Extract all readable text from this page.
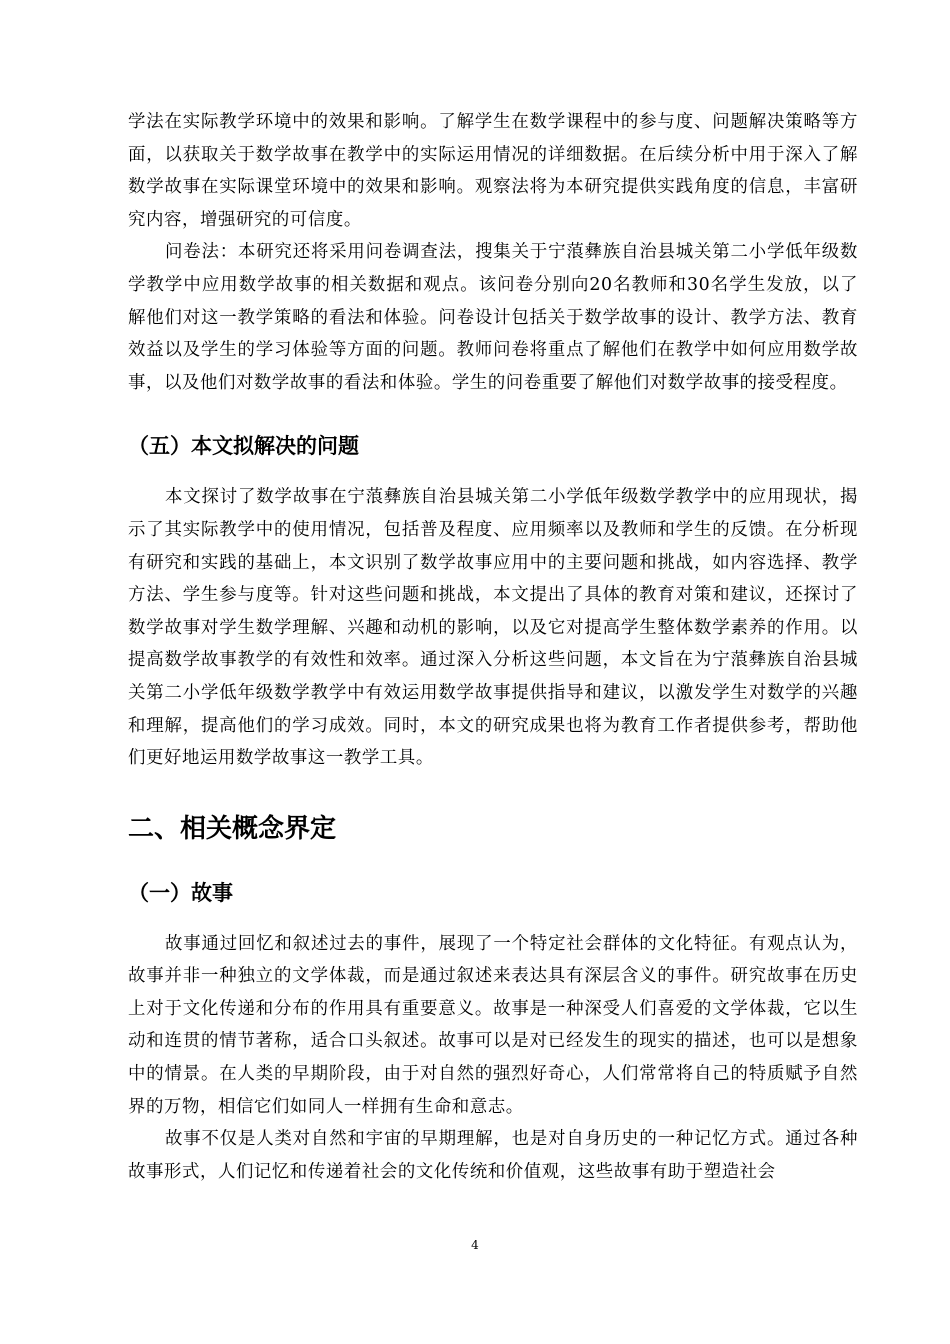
学法在实际教学环境中的效果和影响。了解学生在数学课程中的参与度、问题解决策略等方面，以获取关于数学故事在教学中的实际运用情况的详细数据。在后续分析中用于深入了解数学故事在实际课堂环境中的效果和影响。观察法将为本研究提供实践角度的信息，丰富研究内容，增强研究的可信度。

问卷法：本研究还将采用问卷调查法，搜集关于宁蒗彝族自治县城关第二小学低年级数学教学中应用数学故事的相关数据和观点。该问卷分别向20名教师和30名学生发放，以了解他们对这一教学策略的看法和体验。问卷设计包括关于数学故事的设计、教学方法、教育效益以及学生的学习体验等方面的问题。教师问卷将重点了解他们在教学中如何应用数学故事，以及他们对数学故事的看法和体验。学生的问卷重要了解他们对数学故事的接受程度。

（五）本文拟解决的问题

本文探讨了数学故事在宁蒗彝族自治县城关第二小学低年级数学教学中的应用现状，揭示了其实际教学中的使用情况，包括普及程度、应用频率以及教师和学生的反馈。在分析现有研究和实践的基础上，本文识别了数学故事应用中的主要问题和挑战，如内容选择、教学方法、学生参与度等。针对这些问题和挑战，本文提出了具体的教育对策和建议，还探讨了数学故事对学生数学理解、兴趣和动机的影响，以及它对提高学生整体数学素养的作用。以提高数学故事教学的有效性和效率。通过深入分析这些问题，本文旨在为宁蒗彝族自治县城关第二小学低年级数学教学中有效运用数学故事提供指导和建议，以激发学生对数学的兴趣和理解，提高他们的学习成效。同时，本文的研究成果也将为教育工作者提供参考，帮助他们更好地运用数学故事这一教学工具。

二、相关概念界定
（一）故事

故事通过回忆和叙述过去的事件，展现了一个特定社会群体的文化特征。有观点认为，故事并非一种独立的文学体裁，而是通过叙述来表达具有深层含义的事件。研究故事在历史上对于文化传递和分布的作用具有重要意义。故事是一种深受人们喜爱的文学体裁，它以生动和连贯的情节著称，适合口头叙述。故事可以是对已经发生的现实的描述，也可以是想象中的情景。在人类的早期阶段，由于对自然的强烈好奇心，人们常常将自己的特质赋予自然界的万物，相信它们如同人一样拥有生命和意志。

故事不仅是人类对自然和宇宙的早期理解，也是对自身历史的一种记忆方式。通过各种故事形式，人们记忆和传递着社会的文化传统和价值观，这些故事有助于塑造社会

4
